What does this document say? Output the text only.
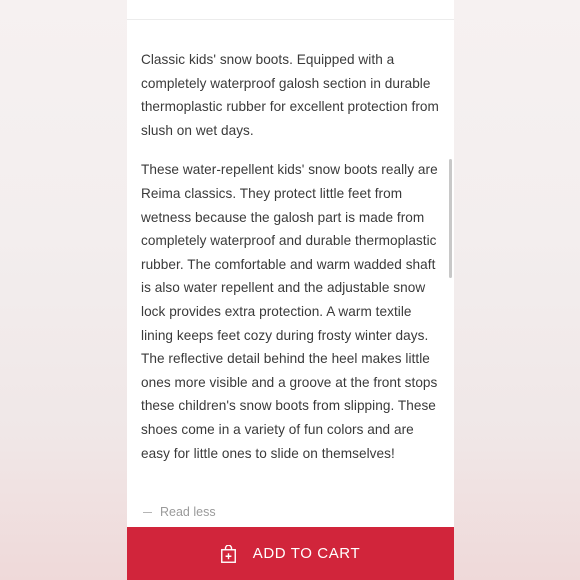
Classic kids' snow boots. Equipped with a completely waterproof galosh section in durable thermoplastic rubber for excellent protection from slush on wet days.

These water-repellent kids' snow boots really are Reima classics. They protect little feet from wetness because the galosh part is made from completely waterproof and durable thermoplastic rubber. The comfortable and warm wadded shaft is also water repellent and the adjustable snow lock provides extra protection. A warm textile lining keeps feet cozy during frosty winter days. The reflective detail behind the heel makes little ones more visible and a groove at the front stops these children's snow boots from slipping. These shoes come in a variety of fun colors and are easy for little ones to slide on themselves!

Read less
ADD TO CART
